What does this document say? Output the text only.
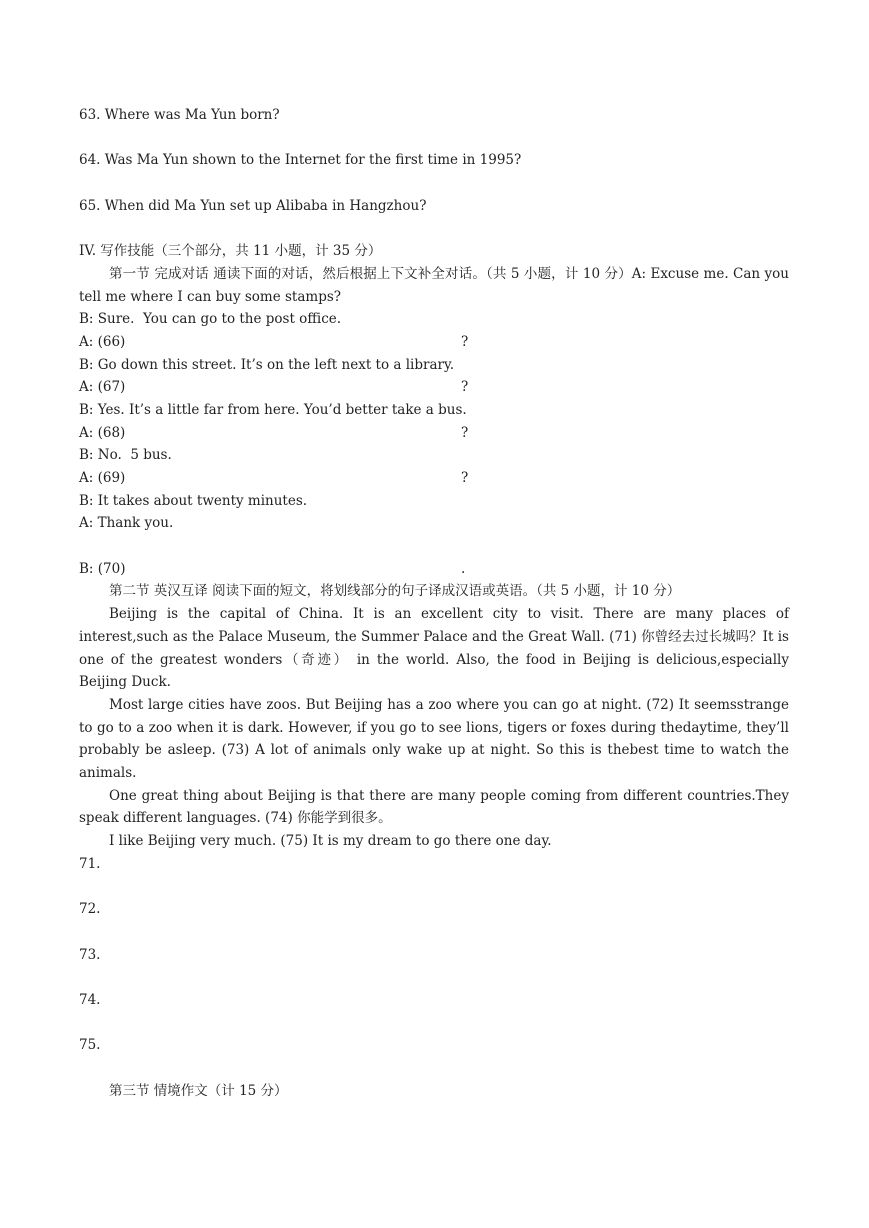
63. Where was Ma Yun born?
64. Was Ma Yun shown to the Internet for the first time in 1995?
65. When did Ma Yun set up Alibaba in Hangzhou?
IV. 写作技能（三个部分，共 11 小题，计 35 分）
第一节 完成对话 通读下面的对话，然后根据上下文补全对话。（共 5 小题，计 10 分）A: Excuse me. Can you tell me where I can buy some stamps?
B: Sure.  You can go to the post office.
A: (66)	?
B: Go down this street. It’s on the left next to a library.
A: (67)	?
B: Yes. It’s a little far from here. You’d better take a bus.
A: (68)	?
B: No.  5 bus.
A: (69)	?
B: It takes about twenty minutes.
A: Thank you.
B: (70)	.
第二节 英汉互译 阅读下面的短文，将划线部分的句子译成汉语或英语。（共 5 小题，计 10 分）
Beijing is the capital of China. It is an excellent city to visit. There are many places of interest,such as the Palace Museum, the Summer Palace and the Great Wall. (71) 你曾经去过长城吗？It is one of the greatest wonders（奇迹） in the world. Also, the food in Beijing is delicious,especially Beijing Duck.
Most large cities have zoos. But Beijing has a zoo where you can go at night. (72) It seemsstrange to go to a zoo when it is dark. However, if you go to see lions, tigers or foxes during thedaytime, they’ll probably be asleep. (73) A lot of animals only wake up at night. So this is thebest time to watch the animals.
One great thing about Beijing is that there are many people coming from different countries.They speak different languages. (74) 你能学到很多。
I like Beijing very much. (75) It is my dream to go there one day.
71.
72.
73.
74.
75.
第三节 情境作文（计 15 分）
